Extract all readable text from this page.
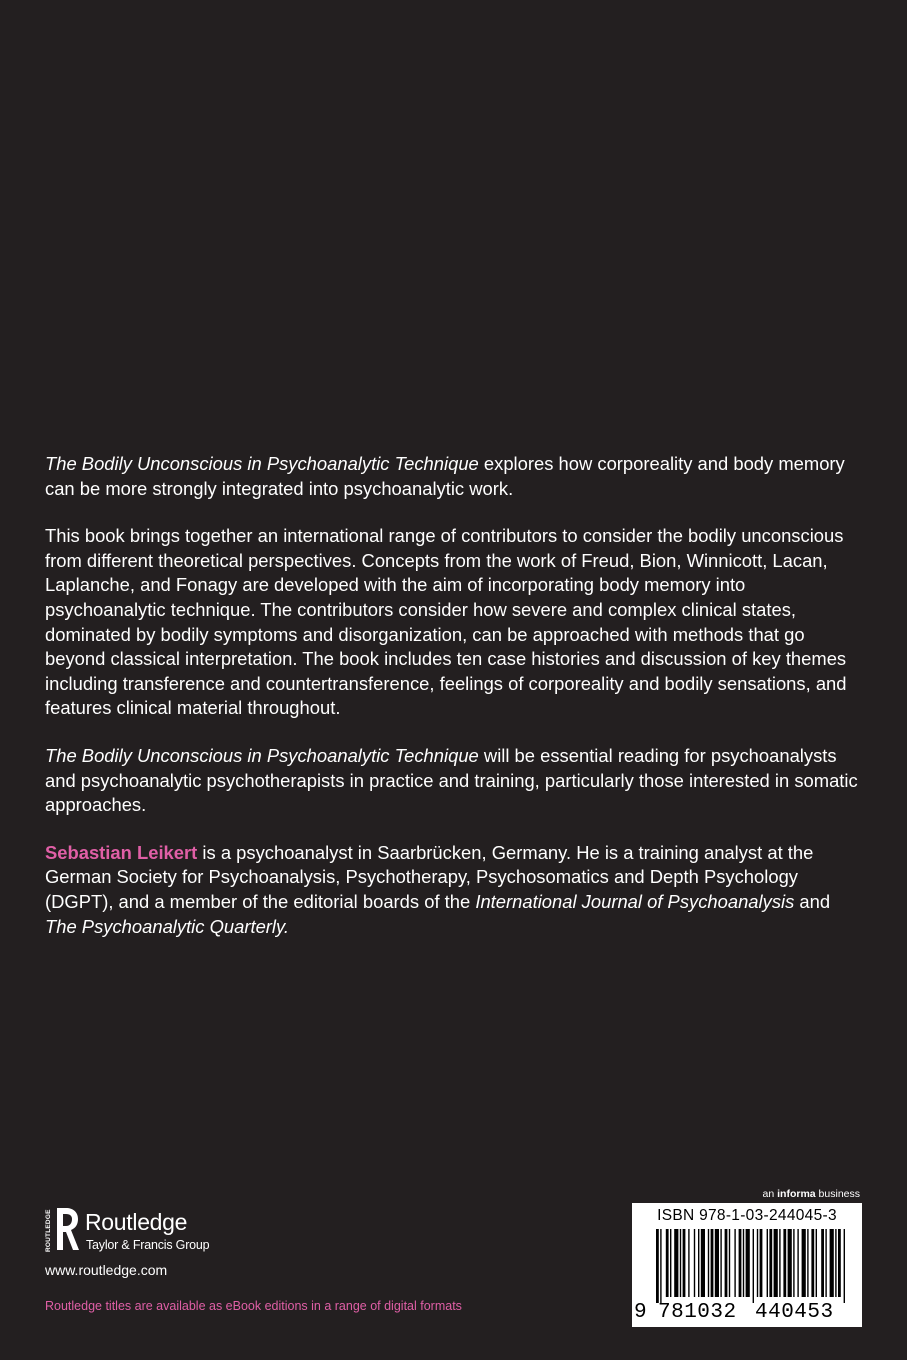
The Bodily Unconscious in Psychoanalytic Technique explores how corporeality and body memory can be more strongly integrated into psychoanalytic work.

This book brings together an international range of contributors to consider the bodily unconscious from different theoretical perspectives. Concepts from the work of Freud, Bion, Winnicott, Lacan, Laplanche, and Fonagy are developed with the aim of incorporating body memory into psychoanalytic technique. The contributors consider how severe and complex clinical states, dominated by bodily symptoms and disorganization, can be approached with methods that go beyond classical interpretation. The book includes ten case histories and discussion of key themes including transference and countertransference, feelings of corporeality and bodily sensations, and features clinical material throughout.

The Bodily Unconscious in Psychoanalytic Technique will be essential reading for psychoanalysts and psychoanalytic psychotherapists in practice and training, particularly those interested in somatic approaches.

Sebastian Leikert is a psychoanalyst in Saarbrücken, Germany. He is a training analyst at the German Society for Psychoanalysis, Psychotherapy, Psychosomatics and Depth Psychology (DGPT), and a member of the editorial boards of the International Journal of Psychoanalysis and The Psychoanalytic Quarterly.

ROUTLEDGE Routledge
Taylor & Francis Group
www.routledge.com
Routledge titles are available as eBook editions in a range of digital formats
an informa business
ISBN 978-1-03-244045-3
9 781032 440453
